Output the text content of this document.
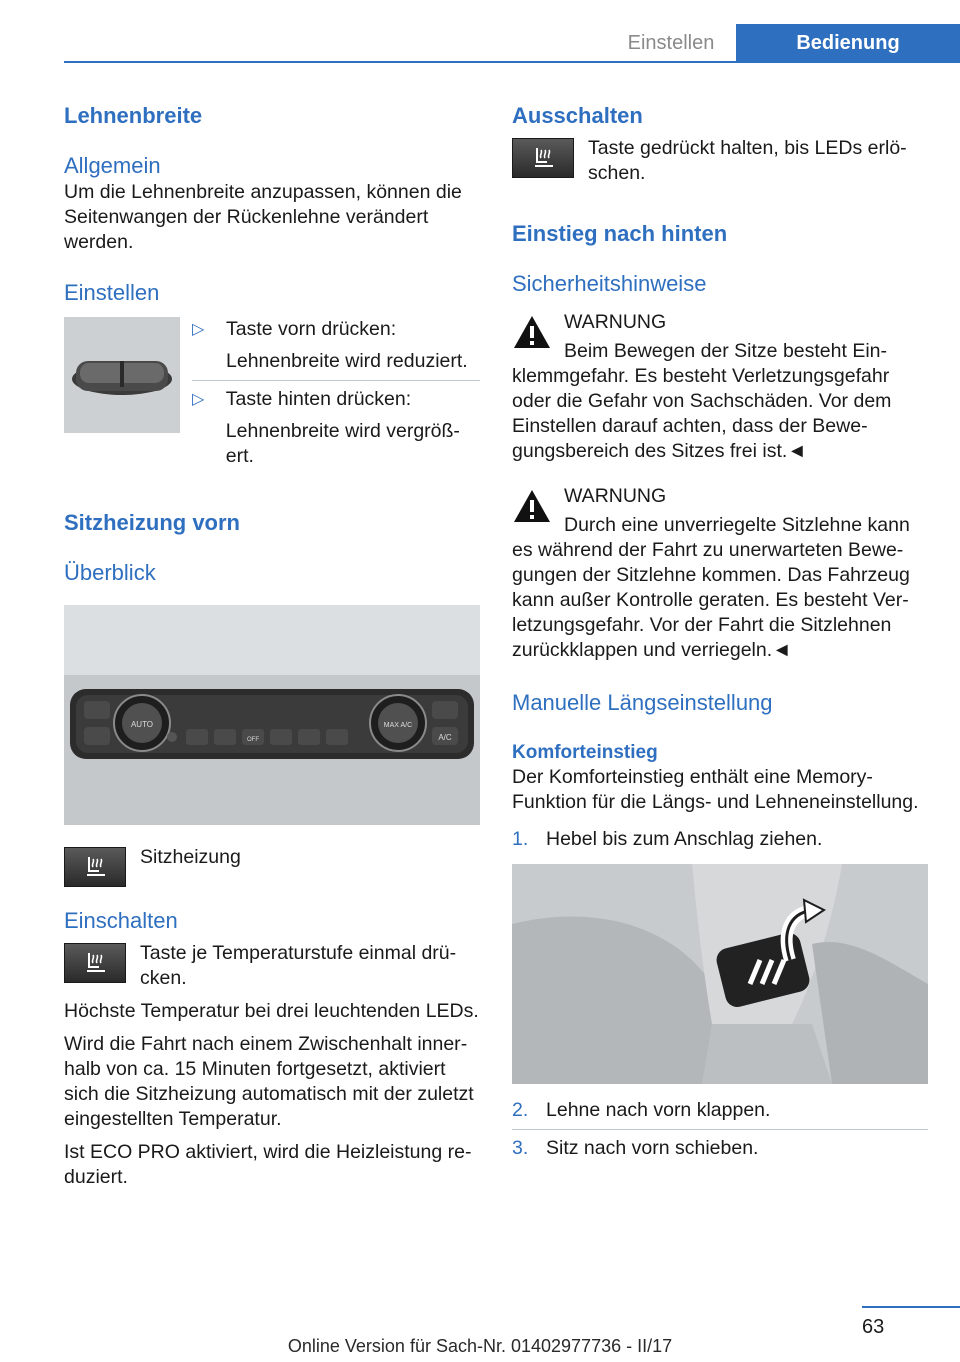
Einstellen	Bedienung
Lehnenbreite
Allgemein

Um die Lehnenbreite anzupassen, können die Seitenwangen der Rückenlehne verändert werden.

Einstellen
▷	Taste vorn drücken:
Lehnenbreite wird reduziert.
▷	Taste hinten drücken:
Lehnenbreite wird vergrößert.
Sitzheizung vorn
Überblick
AUTO	MAX A/C
A/C
OFF
Sitzheizung
Einschalten
Taste je Temperaturstufe einmal drücken.

Höchste Temperatur bei drei leuchtenden LEDs.

Wird die Fahrt nach einem Zwischenhalt innerhalb von ca. 15 Minuten fortgesetzt, aktiviert sich die Sitzheizung automatisch mit der zuletzt eingestellten Temperatur.

Ist ECO PRO aktiviert, wird die Heizleistung reduziert.

Ausschalten
Taste gedrückt halten, bis LEDs erlöschen.
Einstieg nach hinten
Sicherheitshinweise
WARNUNG

Beim Bewegen der Sitze besteht Einklemmgefahr. Es besteht Verletzungsgefahr oder die Gefahr von Sachschäden. Vor dem Einstellen darauf achten, dass der Bewegungsbereich des Sitzes frei ist.◄

WARNUNG

Durch eine unverriegelte Sitzlehne kann es während der Fahrt zu unerwarteten Bewegungen der Sitzlehne kommen. Das Fahrzeug kann außer Kontrolle geraten. Es besteht Verletzungsgefahr. Vor der Fahrt die Sitzlehnen zurückklappen und verriegeln.◄

Manuelle Längseinstellung
Komforteinstieg

Der Komforteinstieg enthält eine Memory-Funktion für die Längs- und Lehneneinstellung.

1. Hebel bis zum Anschlag ziehen.
2. Lehne nach vorn klappen.
3. Sitz nach vorn schieben.
63
Online Version für Sach-Nr. 01402977736 - II/17
